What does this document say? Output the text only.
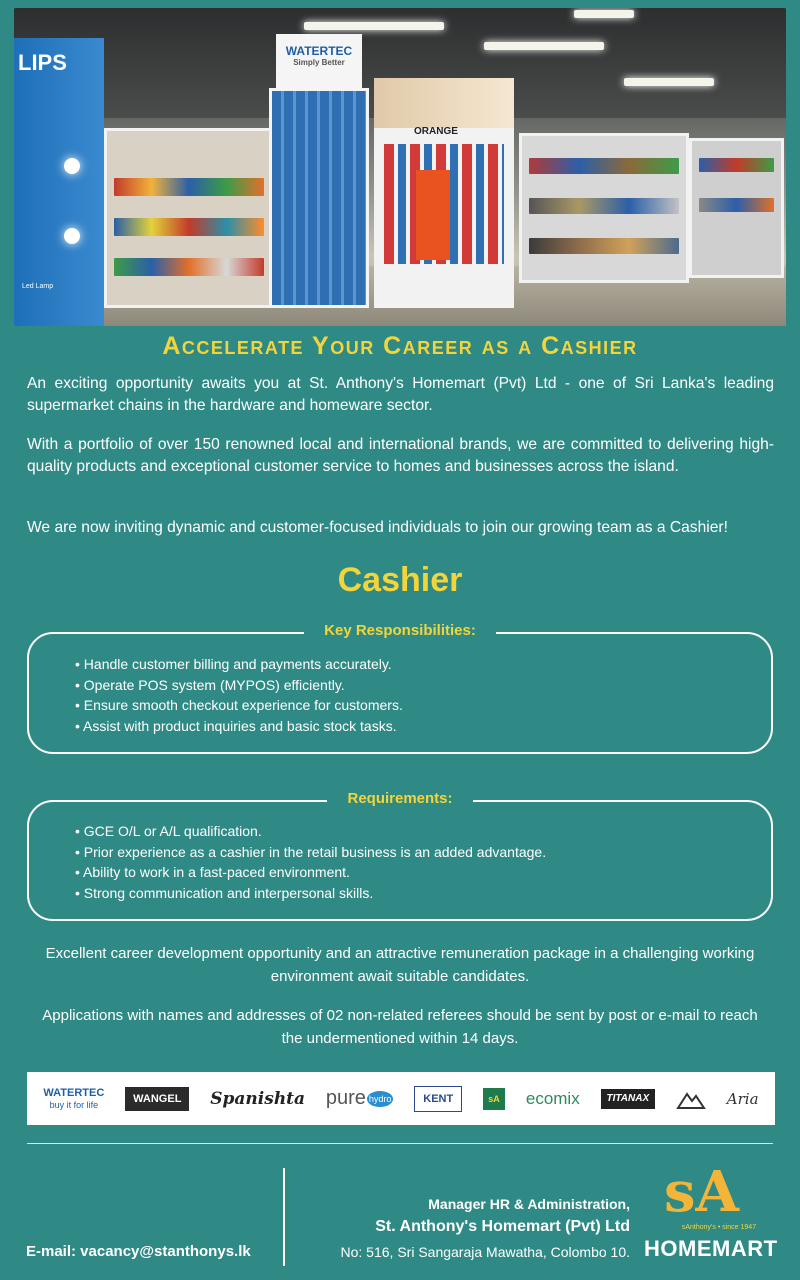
LIPS
Led Lamp
WATERTEC
Simply Better
ORANGE
Accelerate Your Career as a Cashier

An exciting opportunity awaits you at St. Anthony's Homemart (Pvt) Ltd - one of Sri Lanka's leading supermarket chains in the hardware and homeware sector.

With a portfolio of over 150 renowned local and international brands, we are committed to delivering high-quality products and exceptional customer service to homes and businesses across the island.

We are now inviting dynamic and customer-focused individuals to join our growing team as a Cashier!

Cashier
Key Responsibilities:
• Handle customer billing and payments accurately.
• Operate POS system (MYPOS) efficiently.
• Ensure smooth checkout experience for customers.
• Assist with product inquiries and basic stock tasks.
Requirements:
• GCE O/L or A/L qualification.
• Prior experience as a cashier in the retail business is an added advantage.
• Ability to work in a fast-paced environment.
• Strong communication and interpersonal skills.

Excellent career development opportunity and an attractive remuneration package in a challenging working environment await suitable candidates.

Applications with names and addresses of 02 non-related referees should be sent by post or e-mail to reach the undermentioned within 14 days.

WATERTEC
buy it for life	WANGEL Spanishta pure hydro	KENT	sA ecomix	TITANAX	Aria
E-mail: vacancy@stanthonys.lk
Manager HR & Administration,
St. Anthony's Homemart (Pvt) Ltd
No: 516, Sri Sangaraja Mawatha, Colombo 10.
sA
sAnthony's • since 1947
HOMEMART
